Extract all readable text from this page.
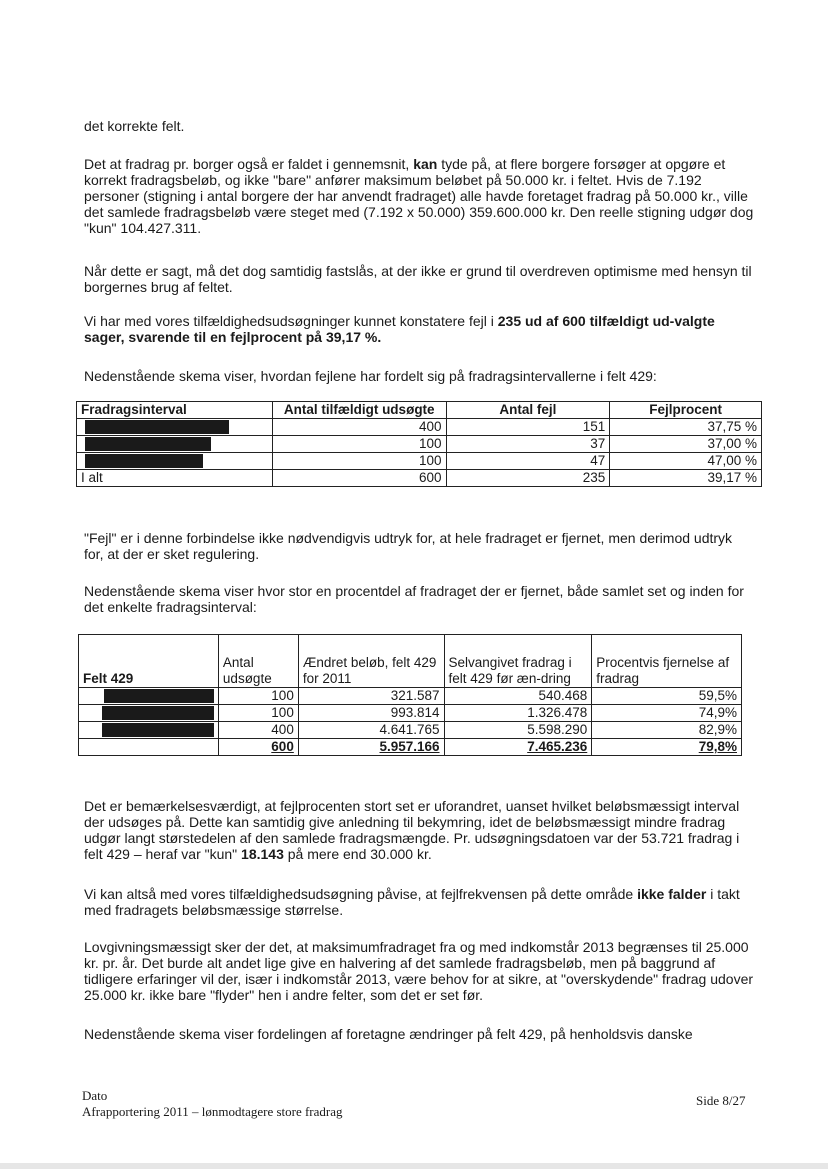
det korrekte felt.

Det at fradrag pr. borger også er faldet i gennemsnit, kan tyde på, at flere borgere forsøger at opgøre et korrekt fradragsbeløb, og ikke "bare" anfører maksimum beløbet på 50.000 kr. i feltet. Hvis de 7.192 personer (stigning i antal borgere der har anvendt fradraget) alle havde foretaget fradrag på 50.000 kr., ville det samlede fradragsbeløb være steget med (7.192 x 50.000) 359.600.000 kr. Den reelle stigning udgør dog "kun" 104.427.311.

Når dette er sagt, må det dog samtidig fastslås, at der ikke er grund til overdreven optimisme med hensyn til borgernes brug af feltet.

Vi har med vores tilfældighedsudsøgninger kunnet konstatere fejl i 235 ud af 600 tilfældigt ud-valgte sager, svarende til en fejlprocent på 39,17 %.

Nedenstående skema viser, hvordan fejlene har fordelt sig på fradragsintervallerne i felt 429:

Fradragsinterval	Antal tilfældigt udsøgte	Antal fejl	Fejlprocent
	400	151	37,75 %
	100	37	37,00 %
	100	47	47,00 %
I alt	600	235	39,17 %

"Fejl" er i denne forbindelse ikke nødvendigvis udtryk for, at hele fradraget er fjernet, men derimod udtryk for, at der er sket regulering.

Nedenstående skema viser hvor stor en procentdel af fradraget der er fjernet, både samlet set og inden for det enkelte fradragsinterval:

Felt 429	Antal udsøgte	Ændret beløb, felt 429 for 2011	Selvangivet fradrag i felt 429 før æn-dring	Procentvis fjernelse af fradrag
	100	321.587	540.468	59,5%
	100	993.814	1.326.478	74,9%
	400	4.641.765	5.598.290	82,9%
	600	5.957.166	7.465.236	79,8%

Det er bemærkelsesværdigt, at fejlprocenten stort set er uforandret, uanset hvilket beløbsmæssigt interval der udsøges på. Dette kan samtidig give anledning til bekymring, idet de beløbsmæssigt mindre fradrag udgør langt størstedelen af den samlede fradragsmængde. Pr. udsøgningsdatoen var der 53.721 fradrag i felt 429 – heraf var "kun" 18.143 på mere end 30.000 kr.

Vi kan altså med vores tilfældighedsudsøgning påvise, at fejlfrekvensen på dette område ikke falder i takt med fradragets beløbsmæssige størrelse.

Lovgivningsmæssigt sker der det, at maksimumfradraget fra og med indkomstår 2013 begrænses til 25.000 kr. pr. år. Det burde alt andet lige give en halvering af det samlede fradragsbeløb, men på baggrund af tidligere erfaringer vil der, især i indkomstår 2013, være behov for at sikre, at "overskydende" fradrag udover 25.000 kr. ikke bare "flyder" hen i andre felter, som det er set før.

Nedenstående skema viser fordelingen af foretagne ændringer på felt 429, på henholdsvis danske

Dato
Afrapportering 2011 – lønmodtagere store fradrag
Side 8/27
